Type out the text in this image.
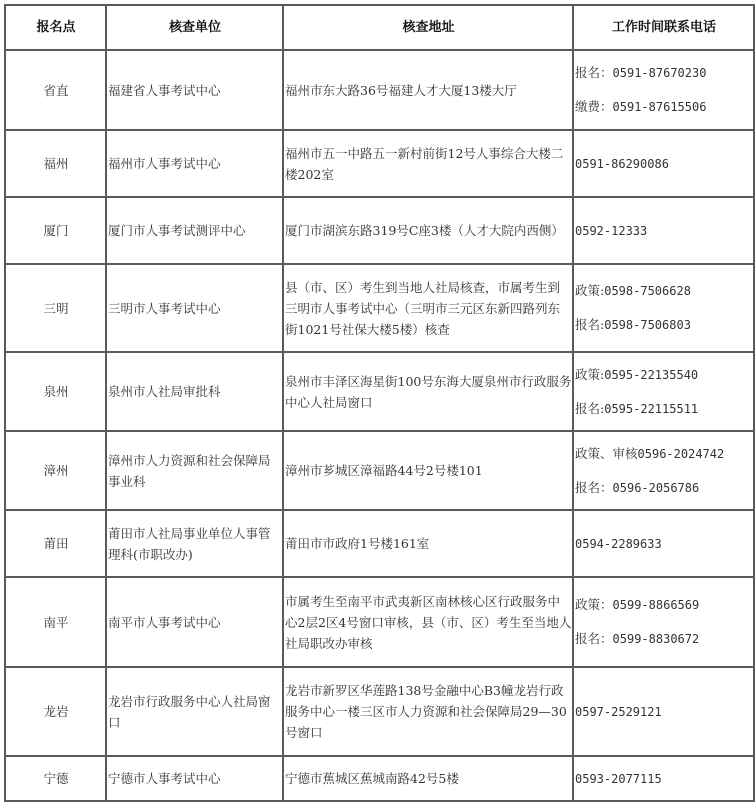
报名点	核查单位	核查地址	工作时间联系电话
省直	福建省人事考试中心	福州市东大路36号福建人才大厦13楼大厅	报名：0591-87670230
缴费：0591-87615506

福州	福州市人事考试中心	福州市五一中路五一新村前街12号人事综合大楼二楼202室	0591-86290086

厦门	厦门市人事考试测评中心	厦门市湖滨东路319号C座3楼（人才大院内西侧）	0592-12333

三明	三明市人事考试中心	县（市、区）考生到当地人社局核查，市属考生到三明市人事考试中心（三明市三元区东新四路列东街1021号社保大楼5楼）核查	政策:0598-7506628
报名:0598-7506803

泉州	泉州市人社局审批科	泉州市丰泽区海星街100号东海大厦泉州市行政服务中心人社局窗口	政策:0595-22135540
报名:0595-22115511

漳州	漳州市人力资源和社会保障局事业科	漳州市芗城区漳福路44号2号楼101	政策、审核0596-2024742
报名：0596-2056786

莆田	莆田市人社局事业单位人事管理科(市职改办)	莆田市市政府1号楼161室	0594-2289633

南平	南平市人事考试中心	市属考生至南平市武夷新区南林核心区行政服务中心2层2区4号窗口审核，县（市、区）考生至当地人社局职改办审核	政策：0599-8866569
报名：0599-8830672

龙岩	龙岩市行政服务中心人社局窗口	龙岩市新罗区华莲路138号金融中心B3幢龙岩行政服务中心一楼三区市人力资源和社会保障局29—30号窗口	0597-2529121

宁德	宁德市人事考试中心	宁德市蕉城区蕉城南路42号5楼	0593-2077115
